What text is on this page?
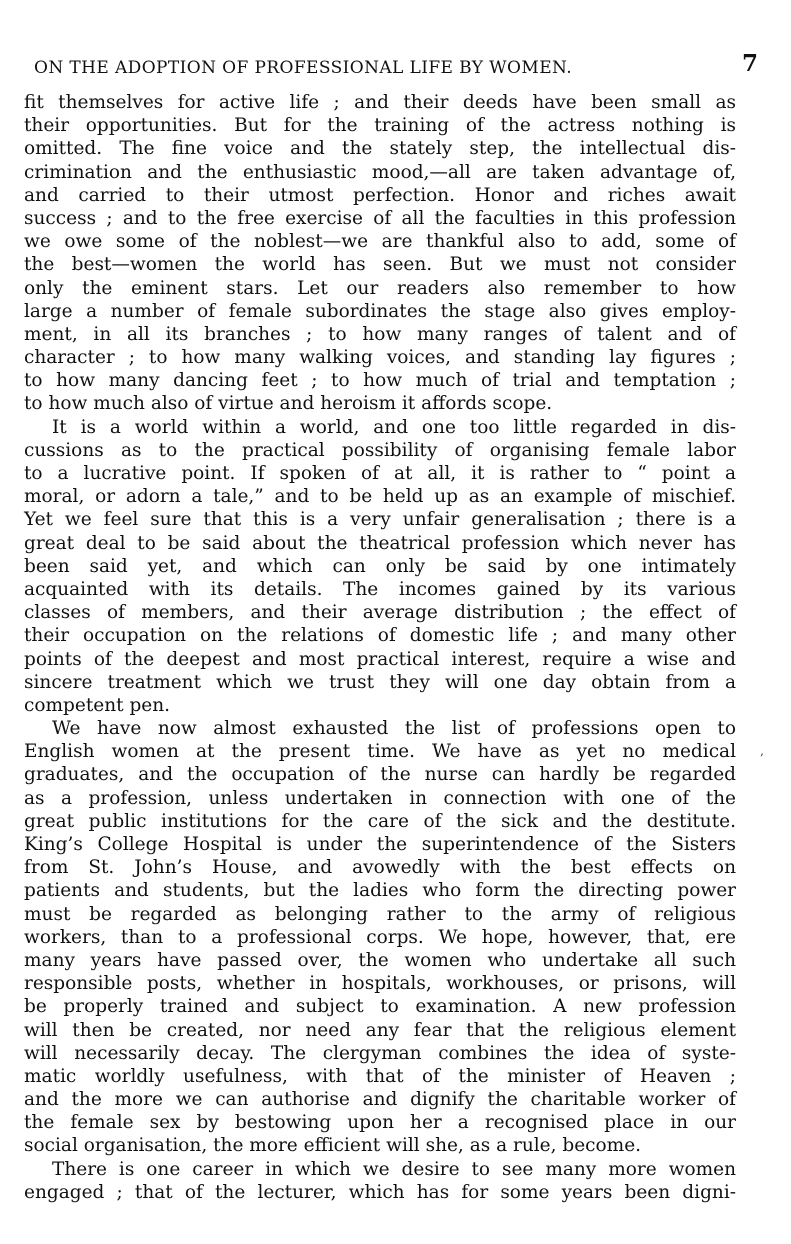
ON THE ADOPTION OF PROFESSIONAL LIFE BY WOMEN.	7
fit themselves for active life ; and their deeds have been small as
their opportunities. But for the training of the actress nothing is
omitted. The fine voice and the stately step, the intellectual dis-
crimination and the enthusiastic mood,—all are taken advantage of,
and carried to their utmost perfection. Honor and riches await
success ; and to the free exercise of all the faculties in this profession
we owe some of the noblest—we are thankful also to add, some of
the best—women the world has seen. But we must not consider
only the eminent stars. Let our readers also remember to how
large a number of female subordinates the stage also gives employ-
ment, in all its branches ; to how many ranges of talent and of
character ; to how many walking voices, and standing lay figures ;
to how many dancing feet ; to how much of trial and temptation ;
to how much also of virtue and heroism it affords scope.
It is a world within a world, and one too little regarded in dis-
cussions as to the practical possibility of organising female labor
to a lucrative point. If spoken of at all, it is rather to “ point a
moral, or adorn a tale,” and to be held up as an example of mischief.
Yet we feel sure that this is a very unfair generalisation ; there is a
great deal to be said about the theatrical profession which never has
been said yet, and which can only be said by one intimately
acquainted with its details. The incomes gained by its various
classes of members, and their average distribution ; the effect of
their occupation on the relations of domestic life ; and many other
points of the deepest and most practical interest, require a wise and
sincere treatment which we trust they will one day obtain from a
competent pen.
We have now almost exhausted the list of professions open to
English women at the present time. We have as yet no medical
graduates, and the occupation of the nurse can hardly be regarded
as a profession, unless undertaken in connection with one of the
great public institutions for the care of the sick and the destitute.
King’s College Hospital is under the superintendence of the Sisters
from St. John’s House, and avowedly with the best effects on
patients and students, but the ladies who form the directing power
must be regarded as belonging rather to the army of religious
workers, than to a professional corps. We hope, however, that, ere
many years have passed over, the women who undertake all such
responsible posts, whether in hospitals, workhouses, or prisons, will
be properly trained and subject to examination. A new profession
will then be created, nor need any fear that the religious element
will necessarily decay. The clergyman combines the idea of syste-
matic worldly usefulness, with that of the minister of Heaven ;
and the more we can authorise and dignify the charitable worker of
the female sex by bestowing upon her a recognised place in our
social organisation, the more efficient will she, as a rule, become.
There is one career in which we desire to see many more women
engaged ; that of the lecturer, which has for some years been digni-
‚
